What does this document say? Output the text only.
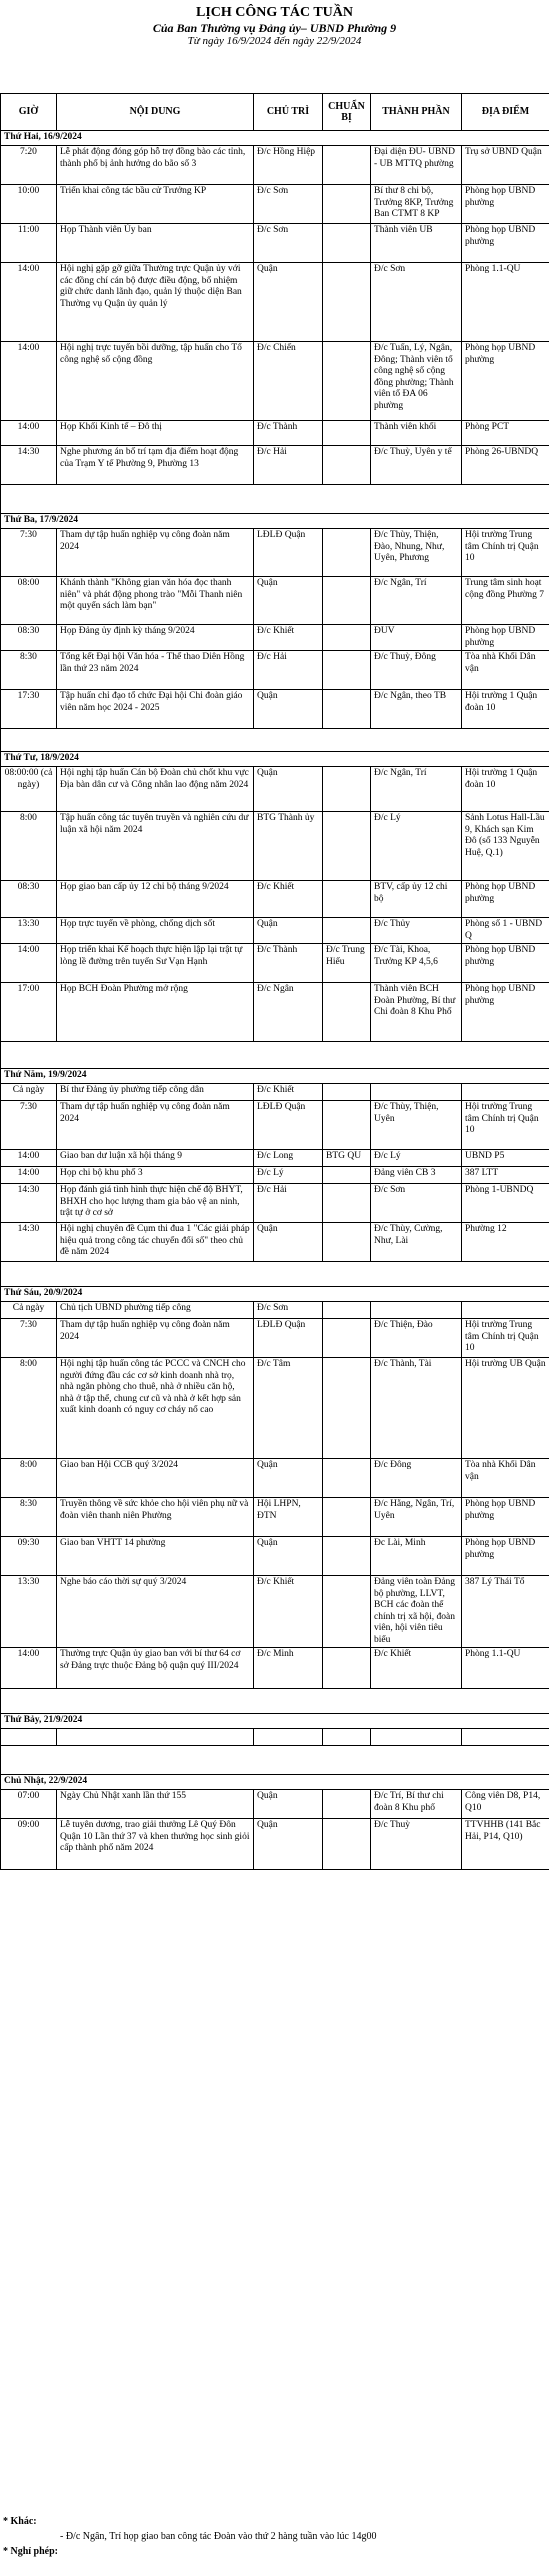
LỊCH CÔNG TÁC TUẦN
Của Ban Thường vụ Đảng ủy– UBND Phường 9
Từ ngày 16/9/2024 đến ngày 22/9/2024
GIỜ	NỘI DUNG	CHỦ TRÌ	CHUẨN BỊ	THÀNH PHẦN	ĐỊA ĐIỂM
Thứ Hai, 16/9/2024					
7:20	Lễ phát động đóng góp hỗ trợ đồng bào các tỉnh, thành phố bị ảnh hưởng do bão số 3	Đ/c Hồng Hiệp		Đại diện ĐU- UBND - UB MTTQ phường	Trụ sở UBND Quận
10:00	Triển khai công tác bầu cử Trưởng KP	Đ/c Sơn		Bí thư 8 chi bộ, Trưởng 8KP, Trưởng Ban CTMT 8 KP	Phòng họp UBND phường
11:00	Họp Thành viên Ủy ban	Đ/c Sơn		Thành viên UB	Phòng họp UBND phường
14:00	Hội nghị gặp gỡ giữa Thường trực Quận ủy với các đồng chí cán bộ được điều động, bổ nhiệm giữ chức danh lãnh đạo, quản lý thuộc diện Ban Thường vụ Quận ủy quản lý	Quận		Đ/c Sơn	Phòng 1.1-QU
14:00	Hội nghị trực tuyến bồi dưỡng, tập huấn cho Tổ công nghệ số cộng đồng	Đ/c Chiến		Đ/c Tuấn, Lý, Ngân, Đông; Thành viên tổ công nghệ số cộng đồng phường; Thành viên tổ ĐA 06 phường	Phòng họp UBND phường
14:00	Họp Khối Kinh tế – Đô thị	Đ/c Thành		Thành viên khối	Phòng PCT
14:30	Nghe phương án bố trí tạm địa điểm hoạt động của Trạm Y tế Phường 9, Phường 13	Đ/c Hải		Đ/c Thuỳ, Uyên y tế	Phòng 26-UBNDQ

Thứ Ba, 17/9/2024					
7:30	Tham dự tập huấn nghiệp vụ công đoàn năm 2024	LĐLĐ Quận		Đ/c Thùy, Thiện, Đào, Nhung, Như, Uyên, Phương	Hội trường Trung tâm Chính trị Quận 10
08:00	Khánh thành "Không gian văn hóa đọc thanh niên" và phát động phong trào "Mỗi Thanh niên một quyển sách làm bạn"	Quận		Đ/c Ngân, Trí	Trung tâm sinh hoạt cộng đồng Phường 7
08:30	Họp Đảng ủy định kỳ tháng 9/2024	Đ/c Khiết		ĐUV	Phòng họp UBND phường
8:30	Tổng kết Đại hội Văn hóa - Thể thao Diên Hồng lần thứ 23 năm 2024	Đ/c Hải		Đ/c Thuỳ, Đông	Tòa nhà Khối Dân vận
17:30	Tập huấn chỉ đạo tổ chức Đại hội Chi đoàn giáo viên năm học 2024 - 2025	Quận		Đ/c Ngân, theo TB	Hội trường 1 Quận đoàn 10

Thứ Tư, 18/9/2024					
08:00:00 (cả ngày)	Hội nghị tập huấn Cán bộ Đoàn chủ chốt khu vực Địa bàn dân cư và Công nhân lao động năm 2024	Quận		Đ/c Ngân, Trí	Hội trường 1 Quận đoàn 10
8:00	Tập huấn công tác tuyên truyền và nghiên cứu dư luận xã hội năm 2024	BTG Thành ủy		Đ/c Lý	Sảnh Lotus Hall-Lầu 9, Khách sạn Kim Đô (số 133 Nguyễn Huệ, Q.1)
08:30	Họp giao ban cấp ủy 12 chi bộ tháng 9/2024	Đ/c Khiết		BTV, cấp ủy 12 chi bộ	Phòng họp UBND phường
13:30	Họp trực tuyến về phòng, chống dịch sốt	Quận		Đ/c Thủy	Phòng số 1 - UBND Q
14:00	Họp triển khai Kế hoạch thực hiện lập lại trật tự lòng lề đường trên tuyến Sư Vạn Hạnh	Đ/c Thành	Đ/c Trung Hiếu	Đ/c Tài, Khoa, Trưởng KP 4,5,6	Phòng họp UBND phường
17:00	Họp BCH Đoàn Phường mở rộng	Đ/c Ngân		Thành viên BCH Đoàn Phường, Bí thư Chi đoàn 8 Khu Phố	Phòng họp UBND phường

Thứ Năm, 19/9/2024					
Cả ngày	Bí thư Đảng ủy phường tiếp công dân	Đ/c Khiết			
7:30	Tham dự tập huấn nghiệp vụ công đoàn năm 2024	LĐLĐ Quận		Đ/c Thùy, Thiện, Uyên	Hội trường Trung tâm Chính trị Quận 10
14:00	Giao ban dư luận xã hội tháng 9	Đ/c Long	BTG QU	Đ/c Lý	UBND P5
14:00	Họp chi bộ khu phố 3	Đ/c Lý		Đảng viên CB 3	387 LTT
14:30	Họp đánh giá tình hình thực hiện chế độ BHYT, BHXH cho học lượng tham gia bảo vệ an ninh, trật tự ở cơ sở	Đ/c Hải		Đ/c Sơn	Phòng 1-UBNDQ
14:30	Hội nghị chuyên đề Cụm thi đua 1 "Các giải pháp hiệu quả trong công tác chuyển đổi số" theo chủ đề năm 2024	Quận		Đ/c Thùy, Cường, Như, Lài	Phường 12

Thứ Sáu, 20/9/2024					
Cả ngày	Chủ tịch UBND phường tiếp công	Đ/c Sơn			
7:30	Tham dự tập huấn nghiệp vụ công đoàn năm 2024	LĐLĐ Quận		Đ/c Thiện, Đào	Hội trường Trung tâm Chính trị Quận 10
8:00	Hội nghị tập huấn công tác PCCC và CNCH cho người đứng đầu các cơ sở kinh doanh nhà trọ, nhà ngăn phòng cho thuê, nhà ở nhiều căn hộ, nhà ở tập thể, chung cư cũ và nhà ở kết hợp sản xuất kinh doanh có nguy cơ cháy nổ cao	Đ/c Tâm		Đ/c Thành, Tài	Hội trường UB Quận
8:00	Giao ban Hội CCB quý 3/2024	Quận		Đ/c Đông	Tòa nhà Khối Dân vận
8:30	Truyền thông về sức khỏe cho hội viên phụ nữ và đoàn viên thanh niên Phường	Hội LHPN, ĐTN		Đ/c Hằng, Ngân, Trí, Uyên	Phòng họp UBND phường
09:30	Giao ban VHTT 14 phường	Quận		Đc Lài, Minh	Phòng họp UBND phường
13:30	Nghe báo cáo thời sự quý 3/2024	Đ/c Khiết		Đảng viên toàn Đảng bộ phường, LLVT, BCH các đoàn thể chính trị xã hội, đoàn viên, hội viên tiêu biểu	387 Lý Thái Tổ
14:00	Thường trực Quận ủy giao ban với bí thư 64 cơ sở Đảng trực thuộc Đảng bộ quận quý III/2024	Đ/c Minh		Đ/c Khiết	Phòng 1.1-QU

Thứ Bảy, 21/9/2024					

Chủ Nhật, 22/9/2024					
07:00	Ngày Chủ Nhật xanh lần thứ 155	Quận		Đ/c Trí, Bí thư chi đoàn 8 Khu phố	Công viên D8, P14, Q10
09:00	Lễ tuyên dương, trao giải thưởng Lê Quý Đôn Quận 10 Lần thứ 37 và khen thưởng học sinh giỏi cấp thành phố năm 2024	Quận		Đ/c Thuỳ	TTVHHB (141 Bắc Hải, P14, Q10)
* Khác:
- Đ/c Ngân, Trí họp giao ban công tác Đoàn vào thứ 2 hàng tuần vào lúc 14g00
* Nghỉ phép:
